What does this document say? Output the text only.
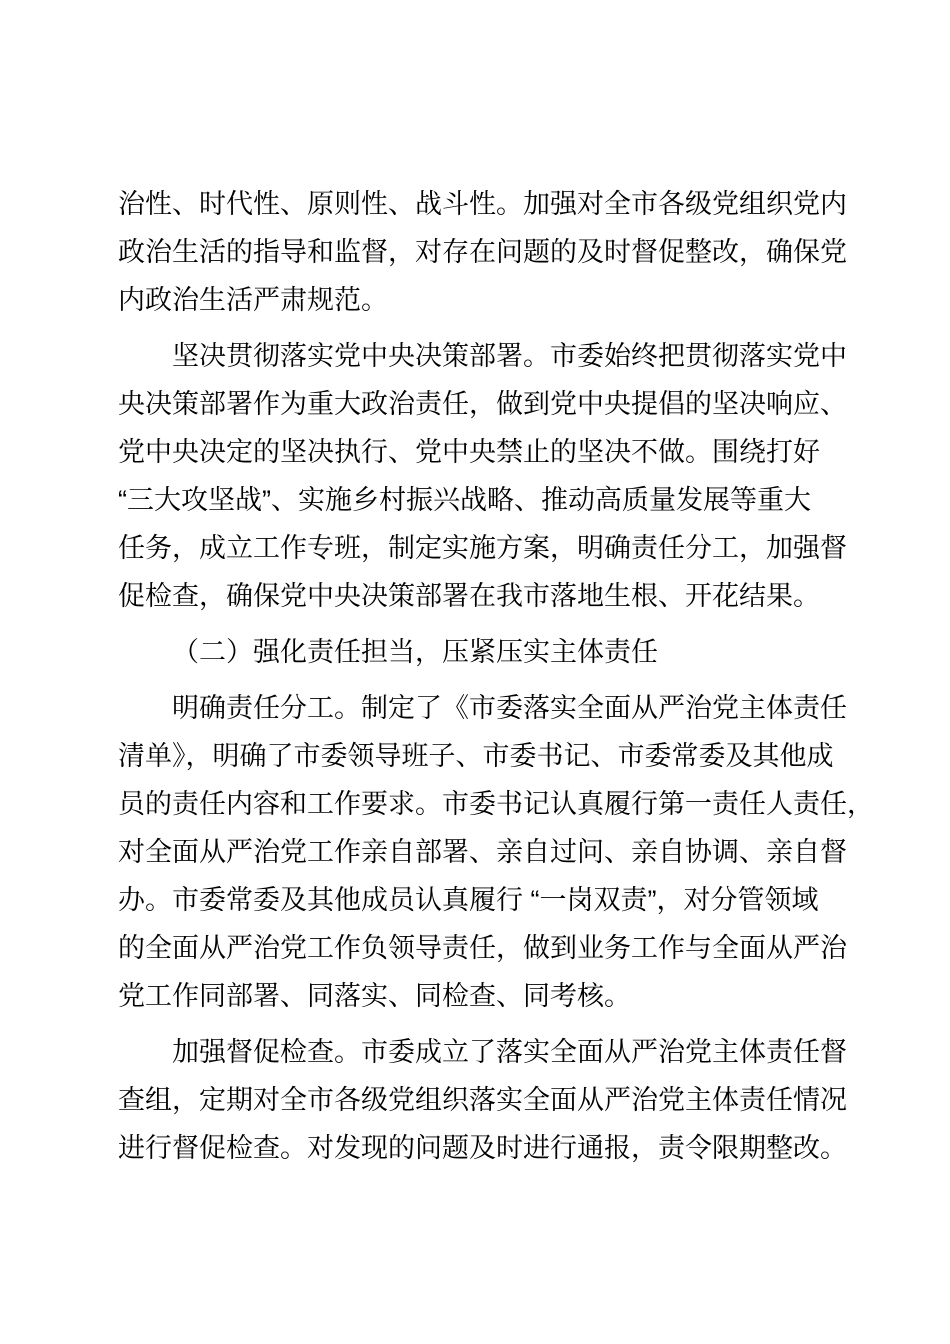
治性、时代性、原则性、战斗性。加强对全市各级党组织党内
政治生活的指导和监督，对存在问题的及时督促整改，确保党
内政治生活严肃规范。
坚决贯彻落实党中央决策部署。市委始终把贯彻落实党中
央决策部署作为重大政治责任，做到党中央提倡的坚决响应、
党中央决定的坚决执行、党中央禁止的坚决不做。围绕打好
“三大攻坚战”、实施乡村振兴战略、推动高质量发展等重大
任务，成立工作专班，制定实施方案，明确责任分工，加强督
促检查，确保党中央决策部署在我市落地生根、开花结果。
（二）强化责任担当，压紧压实主体责任
明确责任分工。制定了《市委落实全面从严治党主体责任
清单》，明确了市委领导班子、市委书记、市委常委及其他成
员的责任内容和工作要求。市委书记认真履行第一责任人责任，
对全面从严治党工作亲自部署、亲自过问、亲自协调、亲自督
办。市委常委及其他成员认真履行 “一岗双责”，对分管领域
的全面从严治党工作负领导责任，做到业务工作与全面从严治
党工作同部署、同落实、同检查、同考核。
加强督促检查。市委成立了落实全面从严治党主体责任督
查组，定期对全市各级党组织落实全面从严治党主体责任情况
进行督促检查。对发现的问题及时进行通报，责令限期整改。
